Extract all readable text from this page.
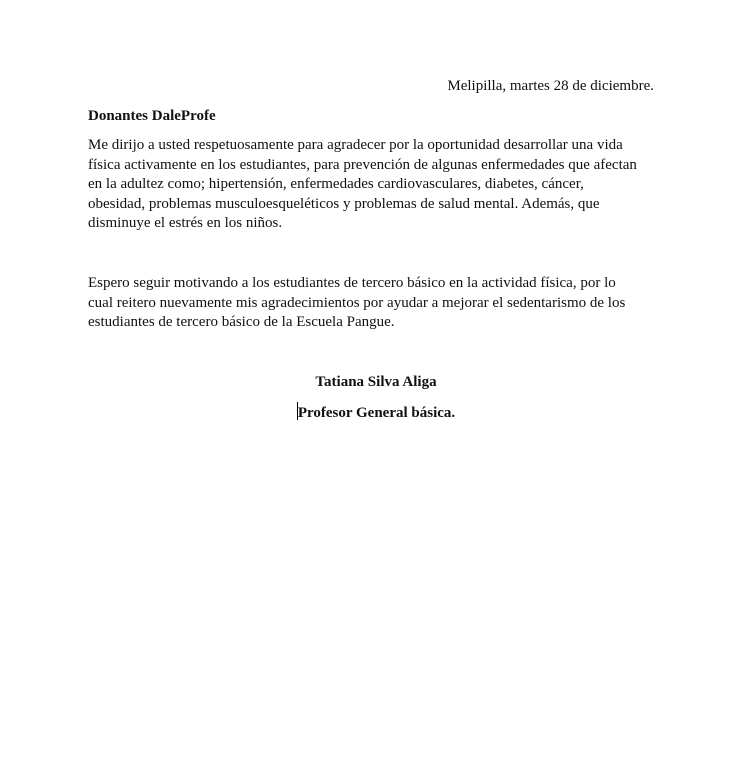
Melipilla, martes 28 de diciembre.
Donantes DaleProfe

Me dirijo a usted respetuosamente para agradecer por la oportunidad desarrollar una vida
física activamente en los estudiantes, para prevención de algunas enfermedades que afectan
en la adultez como; hipertensión, enfermedades cardiovasculares, diabetes, cáncer,
obesidad, problemas musculoesqueléticos y problemas de salud mental. Además, que
disminuye el estrés en los niños.

Espero seguir motivando a los estudiantes de tercero básico en la actividad física, por lo
cual reitero nuevamente mis agradecimientos por ayudar a mejorar el sedentarismo de los
estudiantes de tercero básico de la Escuela Pangue.

Tatiana Silva Aliga
Profesor General básica.
